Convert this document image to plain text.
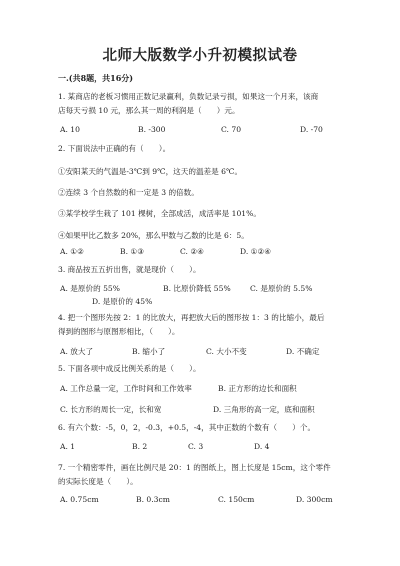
北师大版数学小升初模拟试卷
一.(共8题，共16分)
1. 某商店的老板习惯用正数记录赢利，负数记录亏损，如果这一个月来，该商
店每天亏损 10 元，那么其一周的利润是（　　）元。
A. 10	B. -300	C. 70	D. -70
2. 下面说法中正确的有（　　）。
①安阳某天的气温是-3℃到 9℃，这天的温差是 6℃。
②连续 3 个自然数的和一定是 3 的倍数。
③某学校学生栽了 101 棵树，全部成活，成活率是 101%。
④如果甲比乙数多 20%，那么甲数与乙数的比是 6：5。
A. ①②	B. ①③	C. ②④	D. ①②④
3. 商品按五五折出售，就是现价（　　）。
A. 是原价的 55%	B. 比原价降低 55%	C. 是原价的 5.5%
D. 是原价的 45%
4. 把一个图形先按 2：1 的比放大，再把放大后的图形按 1：3 的比缩小，最后
得到的图形与原图形相比，（　　）。
A. 放大了	B. 缩小了	C. 大小不变	D. 不确定
5. 下面各项中成反比例关系的是（　　）。
A. 工作总量一定，工作时间和工作效率	B. 正方形的边长和面积
C. 长方形的周长一定，长和宽	D. 三角形的高一定，底和面积
6. 有六个数：-5，0，2，-0.3，+0.5，-4，其中正数的个数有（　　）个。
A. 1	B. 2	C. 3	D. 4
7. 一个精密零件，画在比例尺是 20：1 的图纸上，图上长度是 15cm，这个零件
的实际长度是（　　）。
A. 0.75cm	B. 0.3cm	C. 150cm	D. 300cm
